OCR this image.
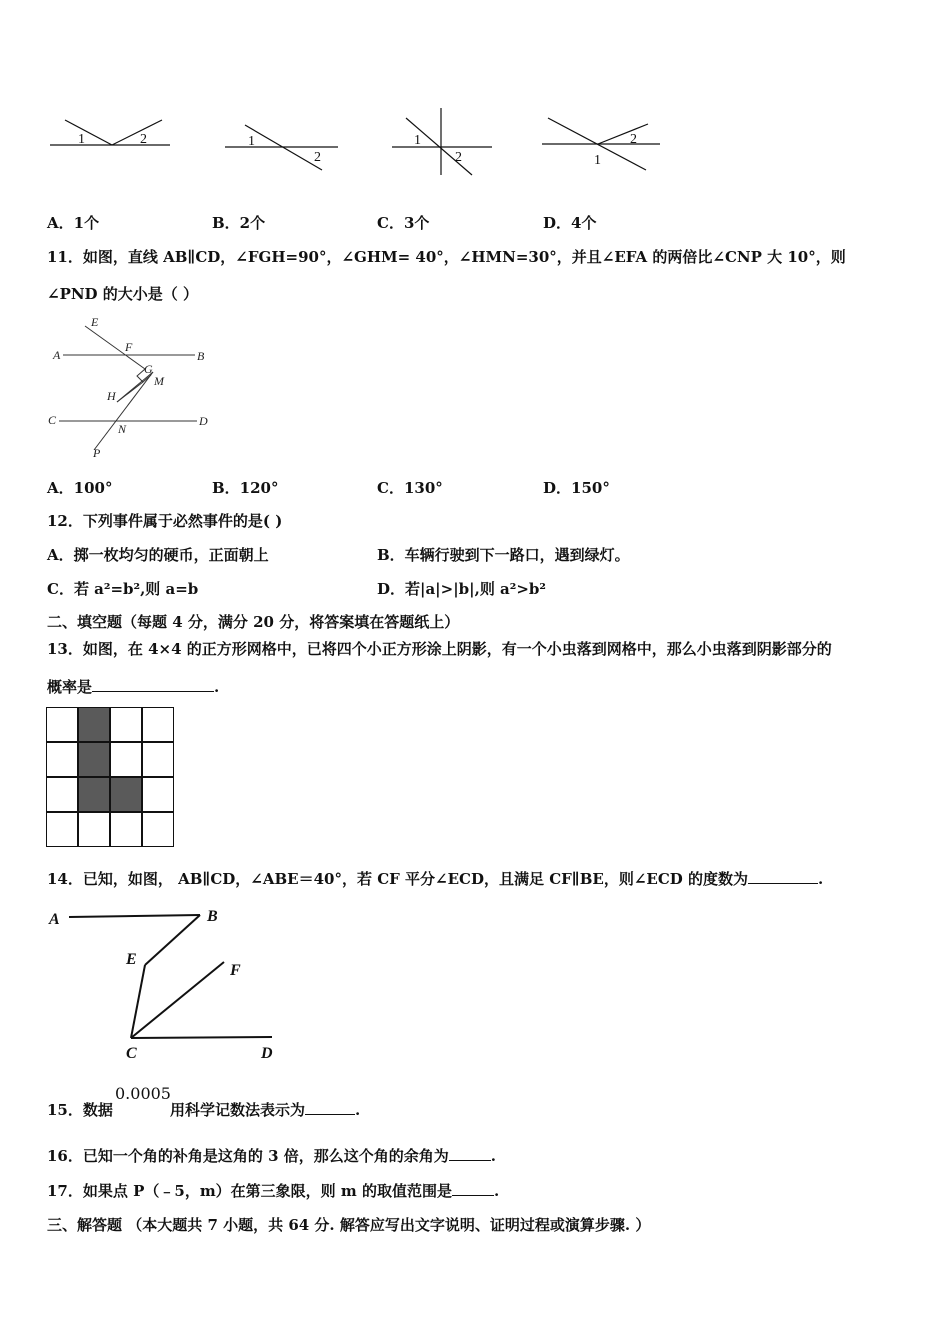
1	2	1
2
1
2
2
1
A．1个	B．2个	C．3个	D．4个
11．如图，直线 AB∥CD，∠FGH=90°，∠GHM= 40°，∠HMN=30°，并且∠EFA 的两倍比∠CNP 大 10°，则
∠PND 的大小是（ ）
E
F
A	B
G
M
H
C	D
N
P
A．100°	B．120°	C．130°	D．150°
12．下列事件属于必然事件的是( )
A．掷一枚均匀的硬币，正面朝上	B．车辆行驶到下一路口，遇到绿灯。
C．若 a²=b²,则 a=b	D．若|a|>|b|,则 a²>b²
二、填空题（每题 4 分，满分 20 分，将答案填在答题纸上）
13．如图，在 4×4 的正方形网格中，已将四个小正方形涂上阴影，有一个小虫落到网格中，那么小虫落到阴影部分的
概率是	.
14．已知，如图， AB∥CD，∠ABE＝40°，若 CF 平分∠ECD，且满足 CF∥BE，则∠ECD 的度数为	.
A	B
E
F
C	D
15．数据
0.0005
用科学记数法表示为	.
16．已知一个角的补角是这角的 3 倍，那么这个角的余角为	.
17．如果点 P（﹣5，m）在第三象限，则 m 的取值范围是	.
三、解答题 （本大题共 7 小题，共 64 分. 解答应写出文字说明、证明过程或演算步骤. ）
